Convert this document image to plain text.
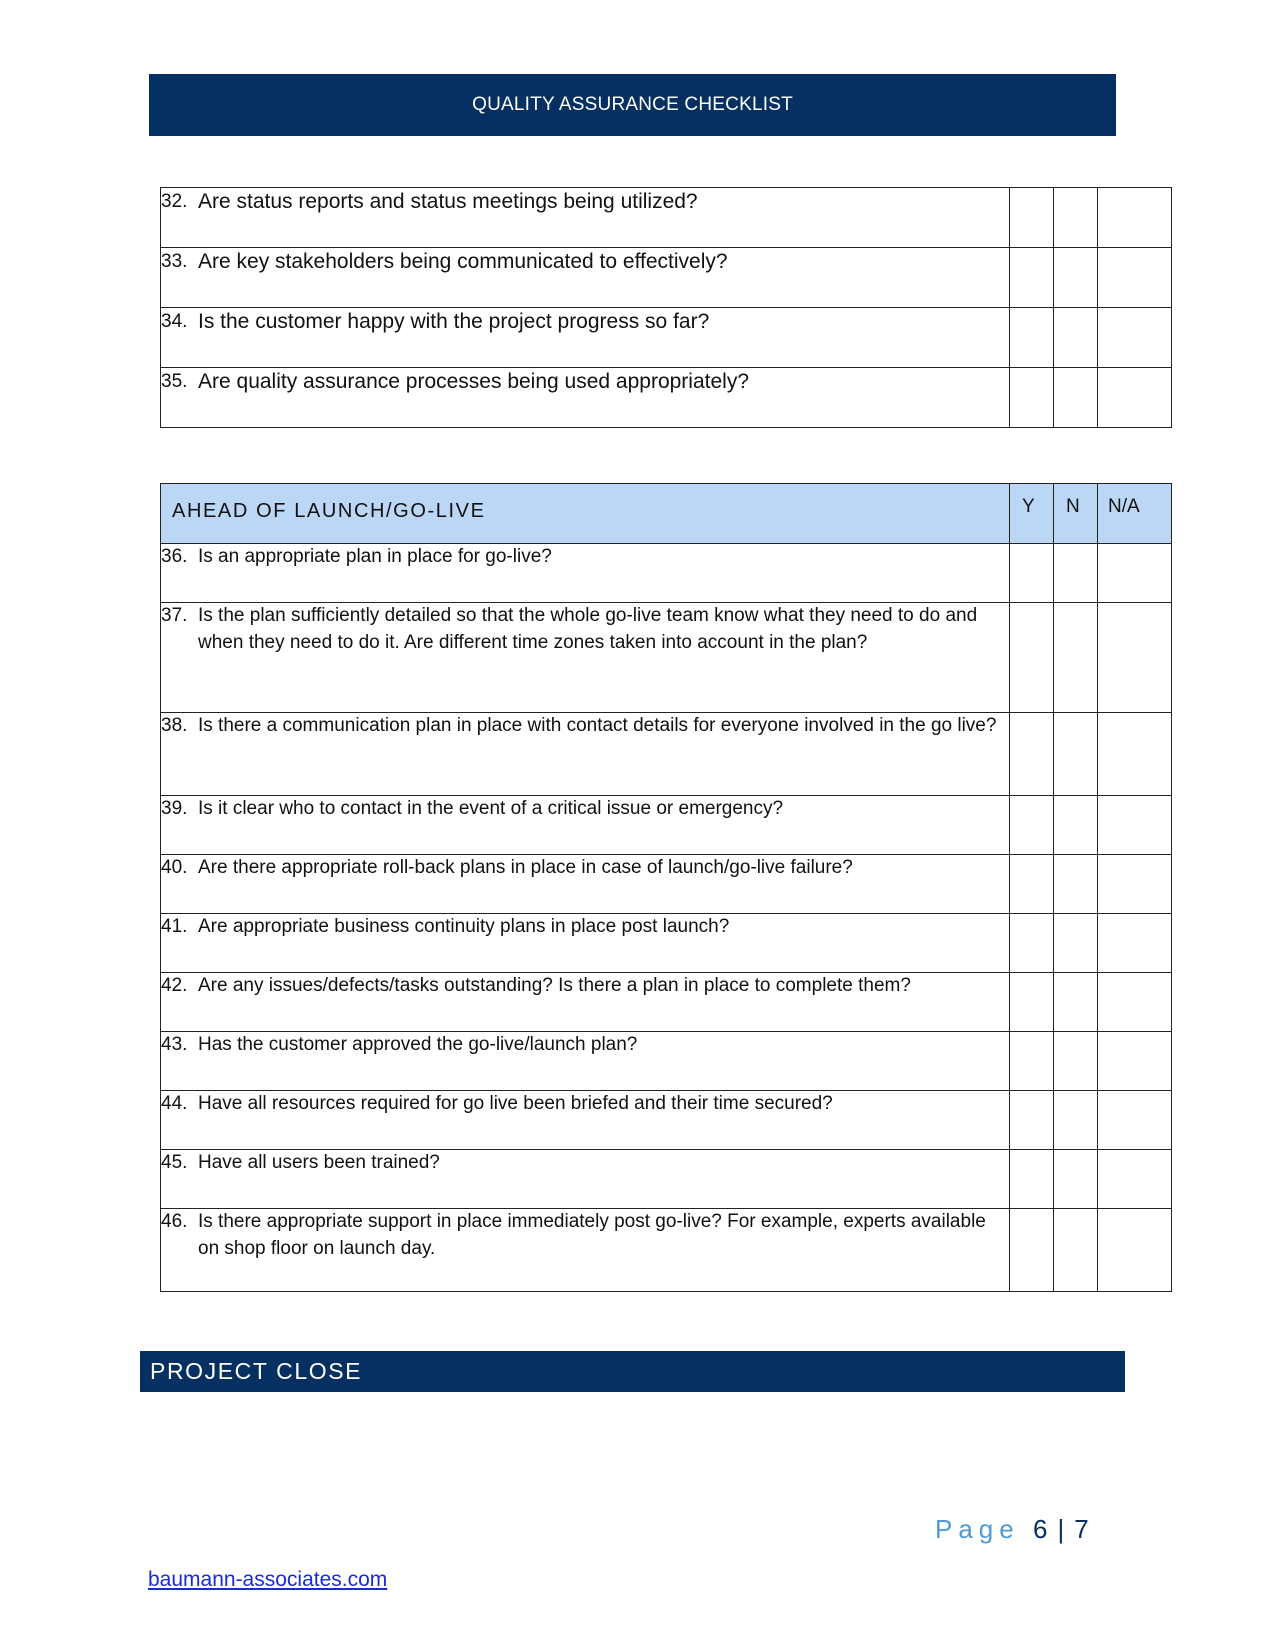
QUALITY ASSURANCE CHECKLIST
32. Are status reports and status meetings being utilized?			

33. Are key stakeholders being communicated to effectively?			

34. Is the customer happy with the project progress so far?			

35. Are quality assurance processes being used appropriately?			

AHEAD OF LAUNCH/GO-LIVE	Y	N	N/A

36. Is an appropriate plan in place for go-live?			

37. Is the plan sufficiently detailed so that the whole go-live team know what they need to do and when they need to do it. Are different time zones taken into account in the plan?			

38. Is there a communication plan in place with contact details for everyone involved in the go live?			

39. Is it clear who to contact in the event of a critical issue or emergency?			

40. Are there appropriate roll-back plans in place in case of launch/go-live failure?			

41. Are appropriate business continuity plans in place post launch?			

42. Are any issues/defects/tasks outstanding? Is there a plan in place to complete them?			

43. Has the customer approved the go-live/launch plan?			

44. Have all resources required for go live been briefed and their time secured?			

45. Have all users been trained?			

46. Is there appropriate support in place immediately post go-live? For example, experts available on shop floor on launch day.			

PROJECT CLOSE
Page 6 | 7
baumann-associates.com
